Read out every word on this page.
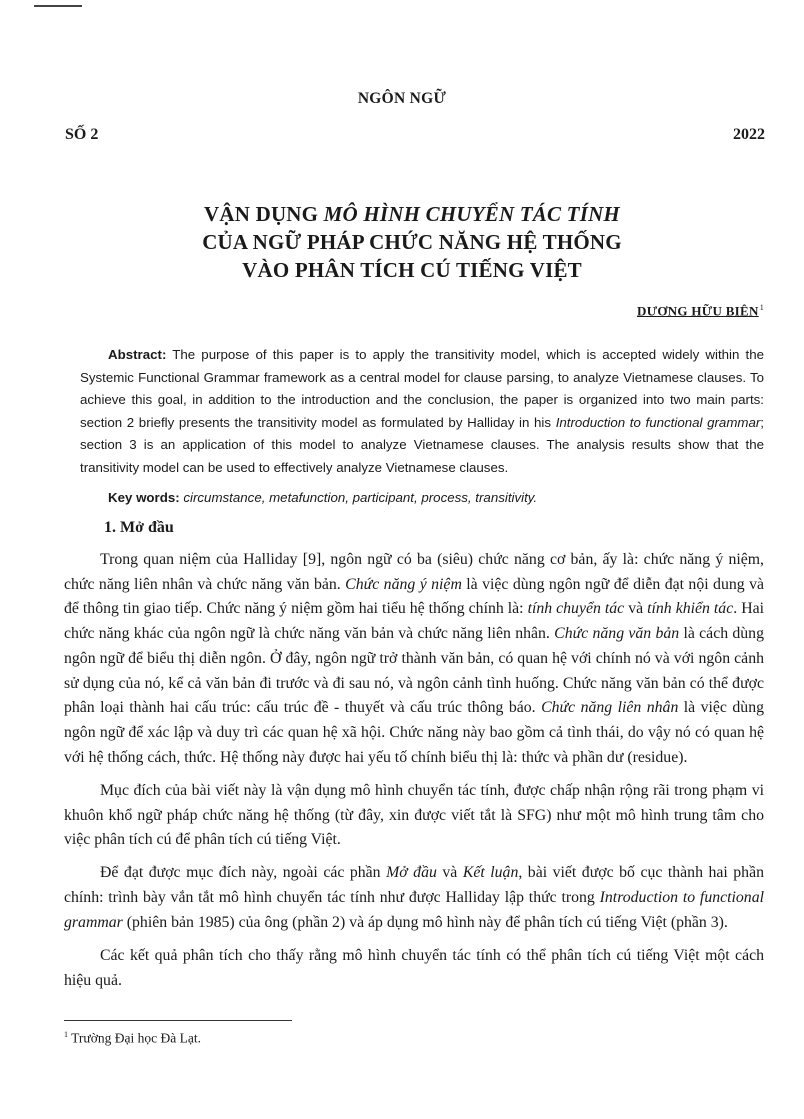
NGÔN NGỮ
SỐ 2	2022
VẬN DỤNG MÔ HÌNH CHUYỂN TÁC TÍNH
CỦA NGỮ PHÁP CHỨC NĂNG HỆ THỐNG
VÀO PHÂN TÍCH CÚ TIẾNG VIỆT
DƯƠNG HỮU BIÊN$^1$

Abstract: The purpose of this paper is to apply the transitivity model, which is accepted widely within the Systemic Functional Grammar framework as a central model for clause parsing, to analyze Vietnamese clauses. To achieve this goal, in addition to the introduction and the conclusion, the paper is organized into two main parts: section 2 briefly presents the transitivity model as formulated by Halliday in his Introduction to functional grammar; section 3 is an application of this model to analyze Vietnamese clauses. The analysis results show that the transitivity model can be used to effectively analyze Vietnamese clauses.

Key words: circumstance, metafunction, participant, process, transitivity.
1. Mở đầu

Trong quan niệm của Halliday [9], ngôn ngữ có ba (siêu) chức năng cơ bản, ấy là: chức năng ý niệm, chức năng liên nhân và chức năng văn bản. Chức năng ý niệm là việc dùng ngôn ngữ để diễn đạt nội dung và để thông tin giao tiếp. Chức năng ý niệm gồm hai tiểu hệ thống chính là: tính chuyển tác và tính khiển tác. Hai chức năng khác của ngôn ngữ là chức năng văn bản và chức năng liên nhân. Chức năng văn bản là cách dùng ngôn ngữ để biểu thị diễn ngôn. Ở đây, ngôn ngữ trở thành văn bản, có quan hệ với chính nó và với ngôn cảnh sử dụng của nó, kể cả văn bản đi trước và đi sau nó, và ngôn cảnh tình huống. Chức năng văn bản có thể được phân loại thành hai cấu trúc: cấu trúc đề - thuyết và cấu trúc thông báo. Chức năng liên nhân là việc dùng ngôn ngữ để xác lập và duy trì các quan hệ xã hội. Chức năng này bao gồm cả tình thái, do vậy nó có quan hệ với hệ thống cách, thức. Hệ thống này được hai yếu tố chính biểu thị là: thức và phần dư (residue).

Mục đích của bài viết này là vận dụng mô hình chuyển tác tính, được chấp nhận rộng rãi trong phạm vi khuôn khổ ngữ pháp chức năng hệ thống (từ đây, xin được viết tắt là SFG) như một mô hình trung tâm cho việc phân tích cú để phân tích cú tiếng Việt.

Để đạt được mục đích này, ngoài các phần Mở đầu và Kết luận, bài viết được bố cục thành hai phần chính: trình bày vắn tắt mô hình chuyển tác tính như được Halliday lập thức trong Introduction to functional grammar (phiên bản 1985) của ông (phần 2) và áp dụng mô hình này để phân tích cú tiếng Việt (phần 3).

Các kết quả phân tích cho thấy rằng mô hình chuyển tác tính có thể phân tích cú tiếng Việt một cách hiệu quả.

$^1$ Trường Đại học Đà Lạt.
